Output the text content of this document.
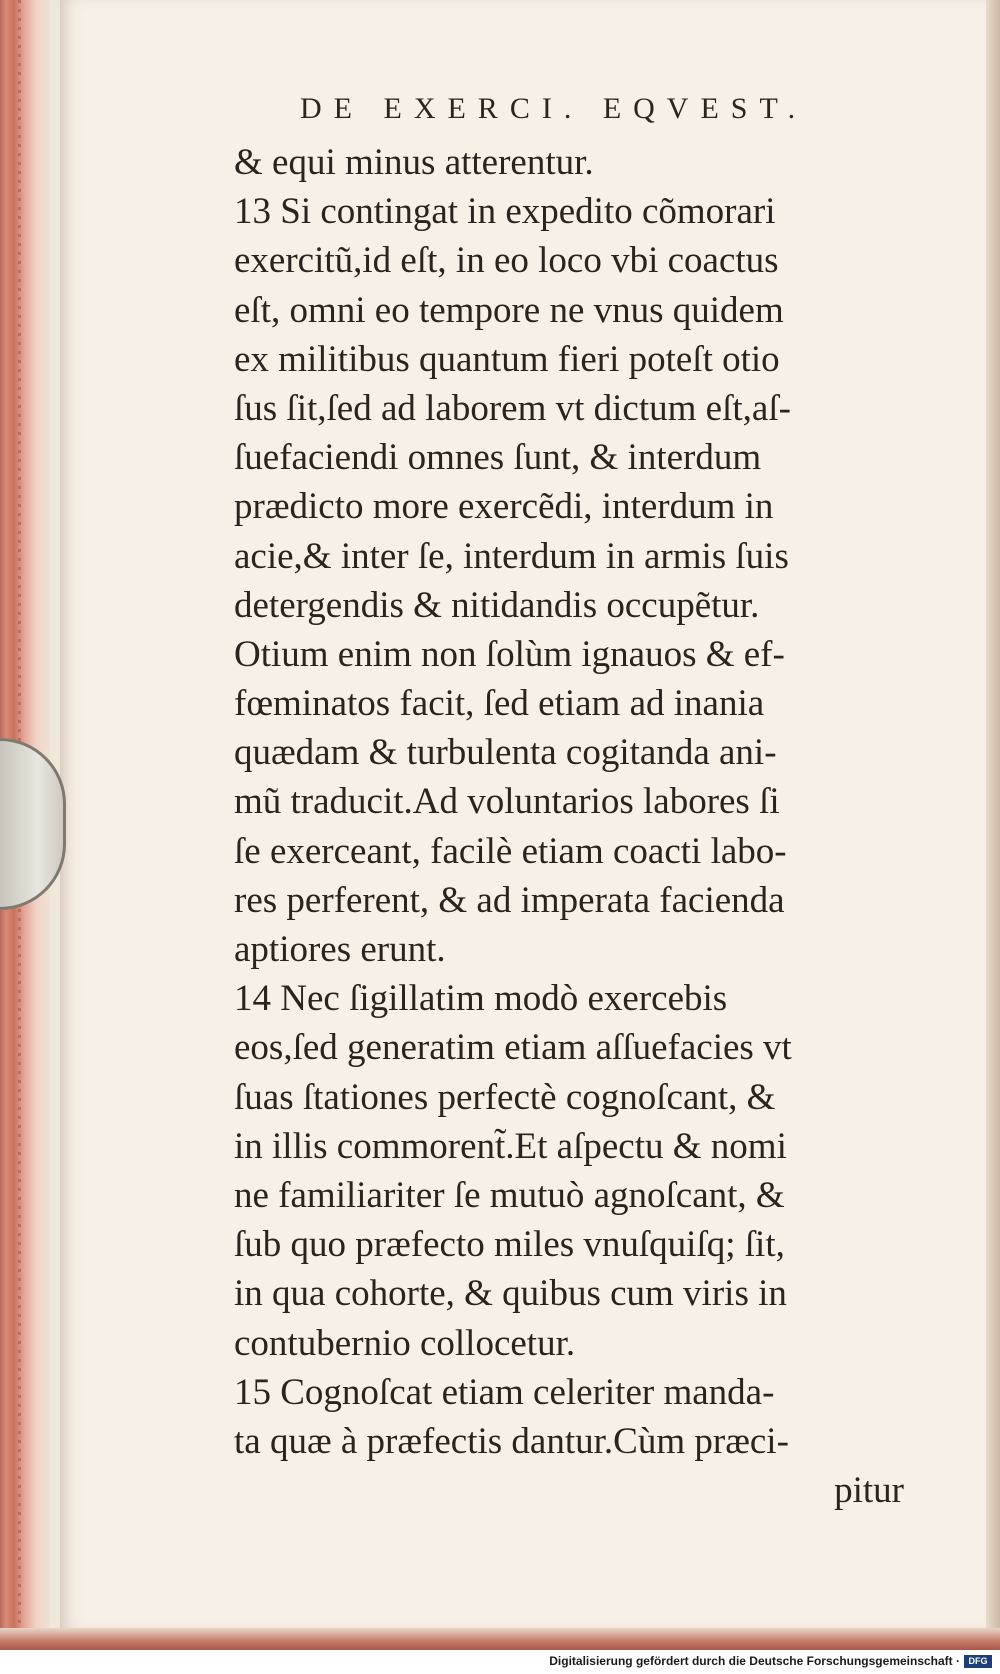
DE EXERCI. EQVEST.
& equi minus atterentur.
13 Si contingat in expedito cõmorari
exercitũ,id eſt, in eo loco vbi coactus
eſt, omni eo tempore ne vnus quidem
ex militibus quantum fieri poteſt otio
ſus ſit,ſed ad laborem vt dictum eſt,aſ-
ſuefaciendi omnes ſunt, & interdum
prædicto more exercẽdi, interdum in
acie,& inter ſe, interdum in armis ſuis
detergendis & nitidandis occupẽtur.
Otium enim non ſolùm ignauos & ef-
fœminatos facit, ſed etiam ad inania
quædam & turbulenta cogitanda ani-
mũ traducit.Ad voluntarios labores ſi
ſe exerceant, facilè etiam coacti labo-
res perferent, & ad imperata facienda
aptiores erunt.
14 Nec ſigillatim modò exercebis
eos,ſed generatim etiam aſſuefacies vt
ſuas ſtationes perfectè cognoſcant, &
in illis commorent̃.Et aſpectu & nomi
ne familiariter ſe mutuò agnoſcant, &
ſub quo præfecto miles vnuſquiſq; ſit,
in qua cohorte, & quibus cum viris in
contubernio collocetur.
15 Cognoſcat etiam celeriter manda-
ta quæ à præfectis dantur.Cùm præci-
pitur
Digitalisierung gefördert durch die Deutsche Forschungsgemeinschaft · DFG
